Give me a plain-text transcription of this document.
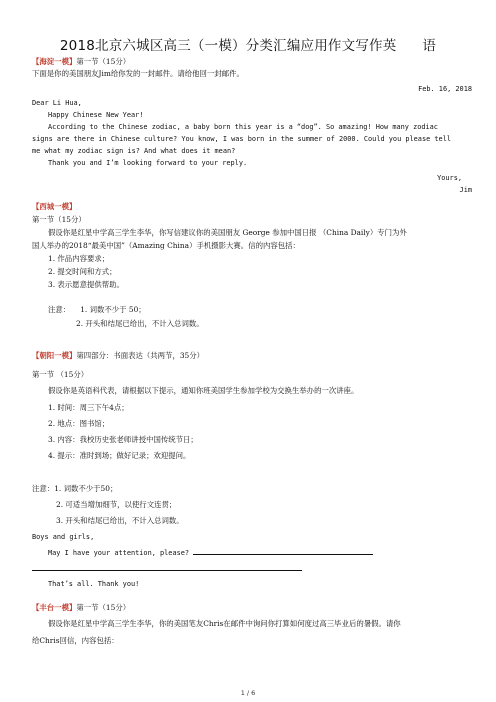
2018北京六城区高三（一模）分类汇编应用作文写作英 语
【海淀一模】第一节（15分）
下面是你的美国朋友Jim给你发的一封邮件。请给他回一封邮件。
Feb. 16, 2018
Dear Li Hua,
Happy Chinese New Year!
According to the Chinese zodiac, a baby born this year is a “dog”. So amazing! How many zodiac
signs are there in Chinese culture? You know, I was born in the summer of 2000. Could you please tell
me what my zodiac sign is? And what does it mean?
Thank you and I’m looking forward to your reply.
Yours,
Jim
【西城一模】
第一节（15分）
假设你是红星中学高三学生李华，你写信建议你的美国朋友 George 参加中国日报 （China Daily）专门为外
国人举办的2018“最美中国”（Amazing China）手机摄影大赛。信的内容包括：
1. 作品内容要求；
2. 提交时间和方式；
3. 表示愿意提供帮助。
注意： 1. 词数不少于 50；
2. 开头和结尾已给出，不计入总词数。
【朝阳一模】第四部分：书面表达（共两节，35分）
第一节 （15分）
假设你是英语科代表，请根据以下提示，通知你班美国学生参加学校为交换生举办的一次讲座。
1. 时间：周三下午4点；
2. 地点：图书馆；
3. 内容：我校历史张老师讲授中国传统节日；
4. 提示：准时到场；做好记录；欢迎提问。
注意：1. 词数不少于50；
2. 可适当增加细节，以使行文连贯；
3. 开头和结尾已给出，不计入总词数。
Boys and girls,
May I have your attention, please?
That’s all. Thank you!
【丰台一模】第一节（15分）
假设你是红星中学高三学生李华，你的美国笔友Chris在邮件中询问你打算如何度过高三毕业后的暑假。请你
给Chris回信，内容包括：
1 / 6
